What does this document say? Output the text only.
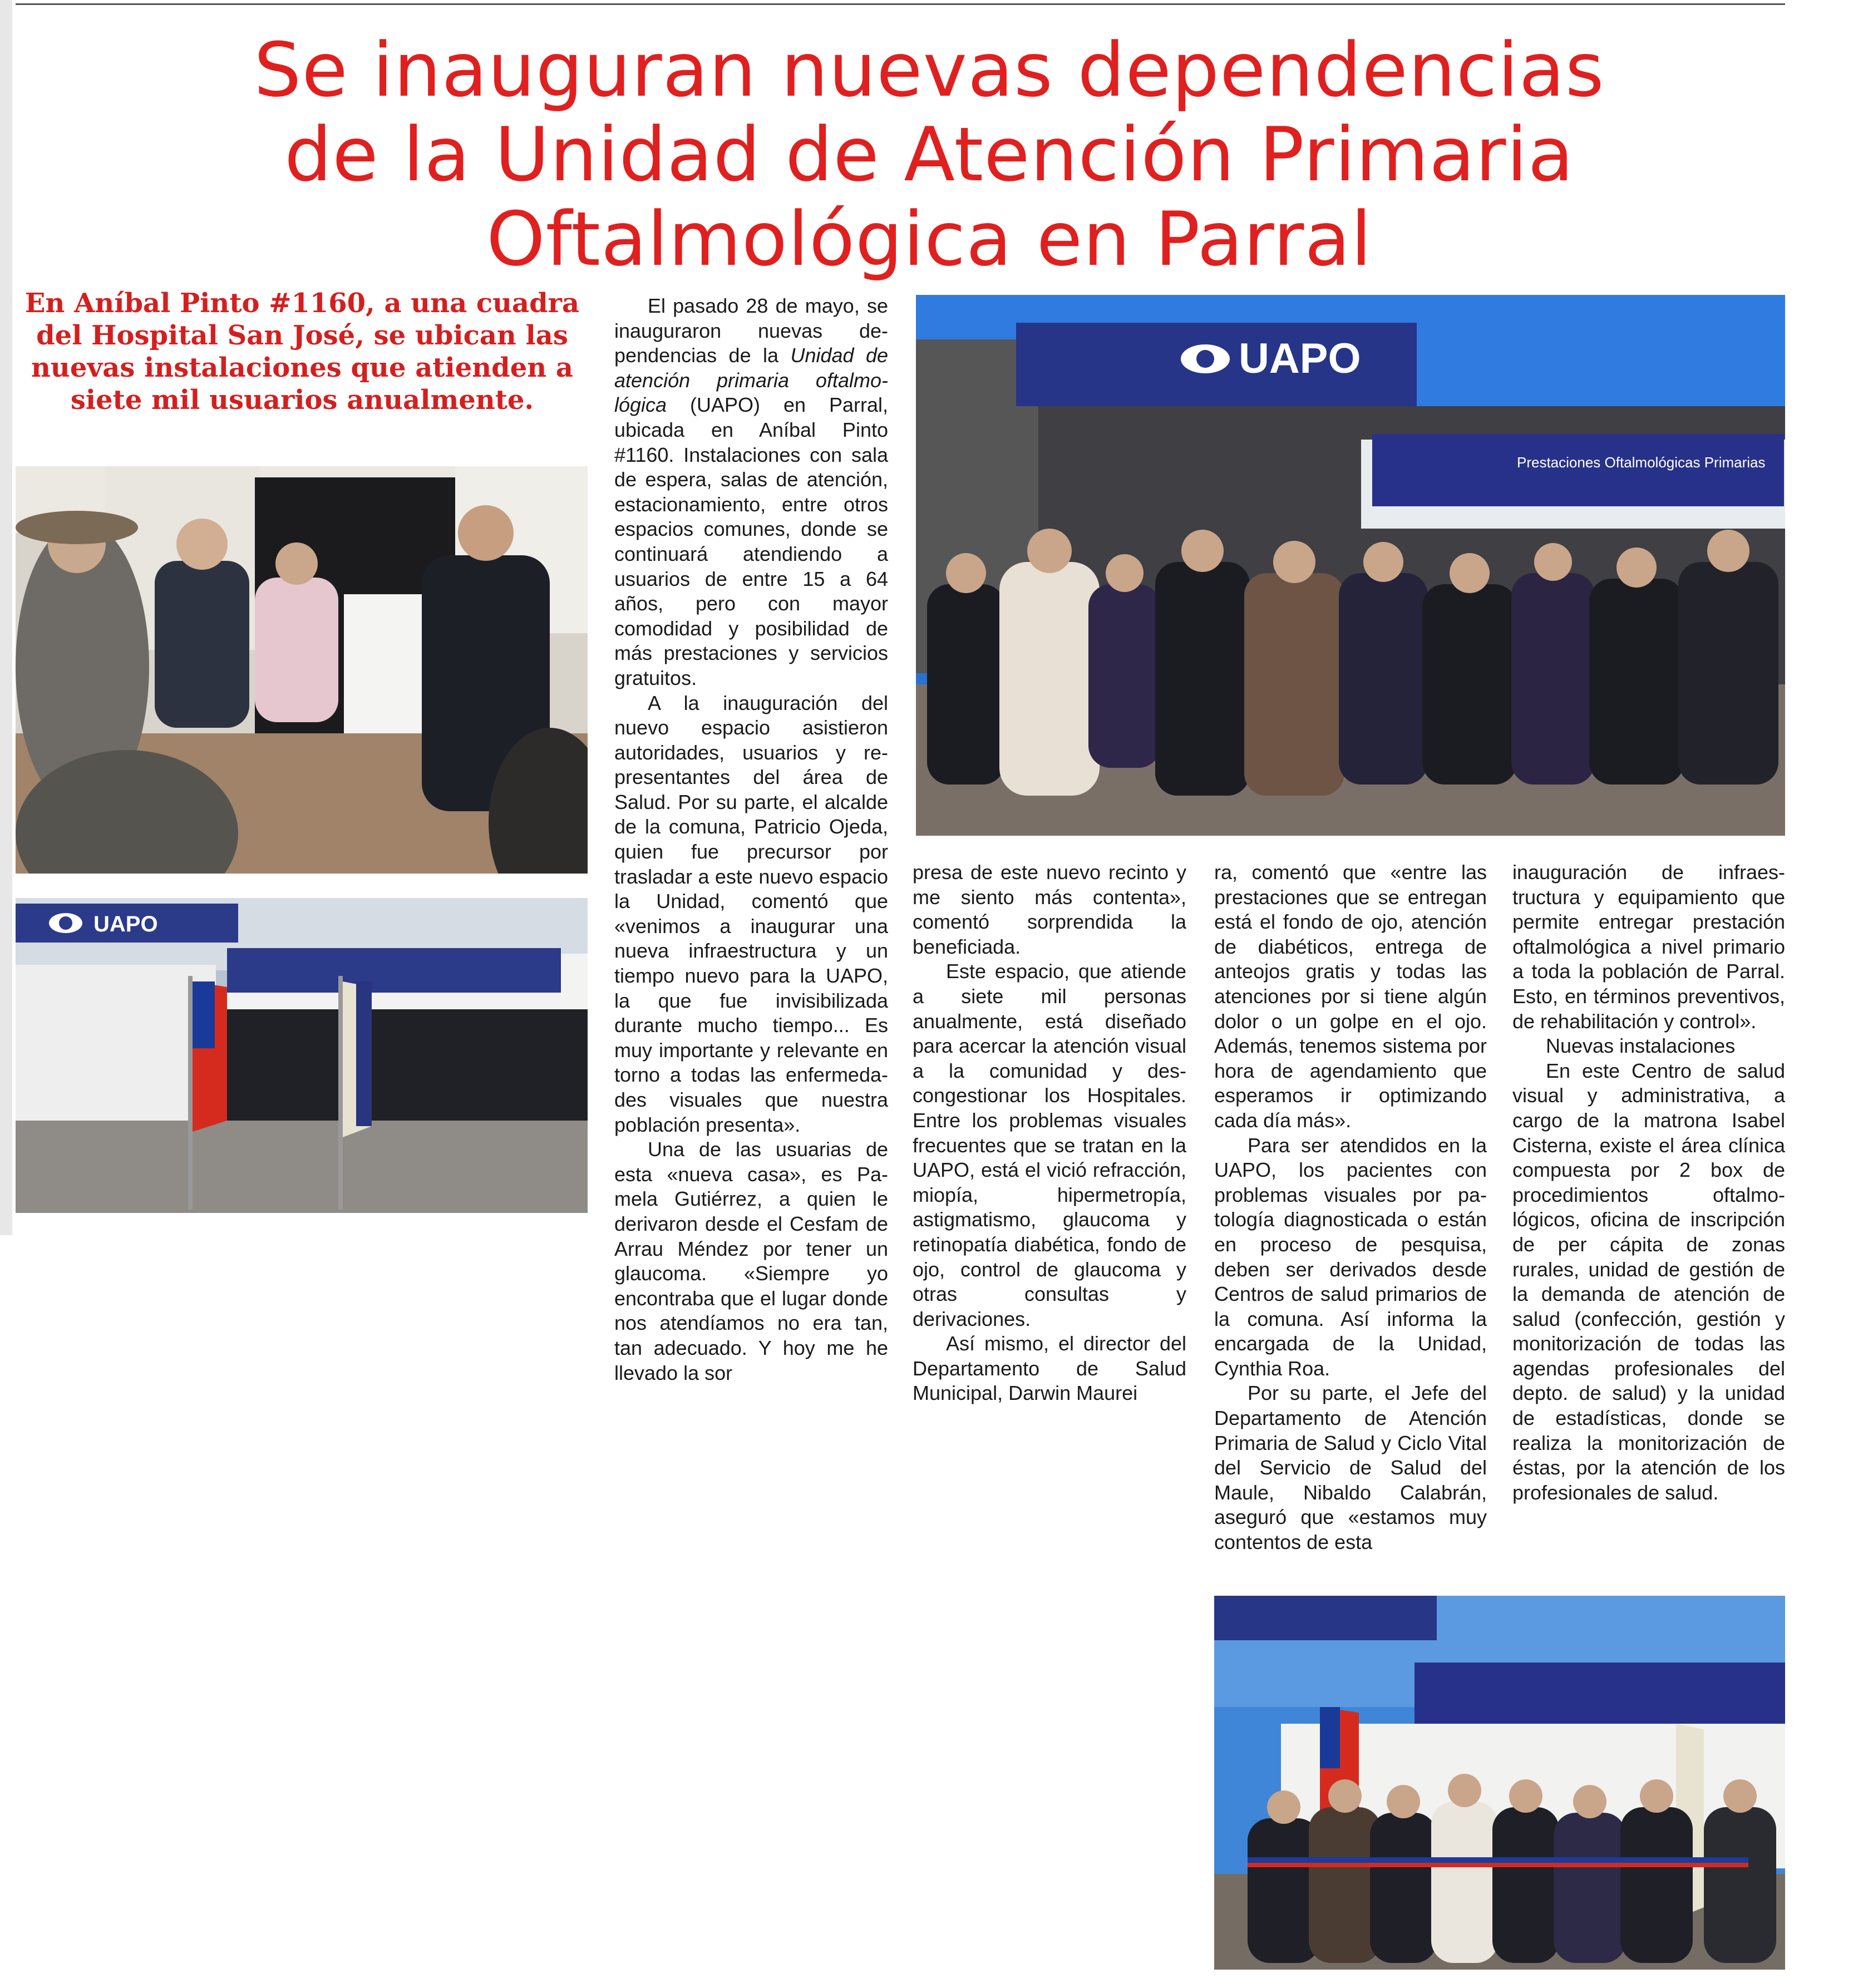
Se inauguran nuevas dependencias
de la Unidad de Atención Primaria
Oftalmológica en Parral
En Aníbal Pinto #1160, a una cuadra del Hospital San José, se ubican las nuevas instalaciones que atienden a siete mil usuarios anualmente.
UAPO
UAPO
Prestaciones Oftalmológicas Primarias

El pasado 28 de mayo, se inauguraron nuevas dependencias de la Unidad de atención primaria oftalmológica (UAPO) en Parral, ubicada en Aníbal Pinto #1160. Instalaciones con sala de espera, salas de atención, estacionamiento, entre otros espacios comunes, donde se continuará atendiendo a usuarios de entre 15 a 64 años, pero con mayor comodidad y posibilidad de más prestaciones y servicios gratuitos.

A la inauguración del nuevo espacio asistieron autoridades, usuarios y representantes del área de Salud. Por su parte, el alcalde de la comuna, Patricio Ojeda, quien fue precursor por trasladar a este nuevo espacio la Unidad, comentó que «venimos a inaugurar una nueva infraestructura y un tiempo nuevo para la UAPO, la que fue invisibilizada durante mucho tiempo... Es muy importante y relevante en torno a todas las enfermedades visuales que nuestra población presenta».

Una de las usuarias de esta «nueva casa», es Pamela Gutiérrez, a quien le derivaron desde el Cesfam de Arrau Méndez por tener un glaucoma. «Siempre yo encontraba que el lugar donde nos atendíamos no era tan, tan adecuado. Y hoy me he llevado la sor

presa de este nuevo recinto y me siento más contenta», comentó sorprendida la beneficiada.

Este espacio, que atiende a siete mil personas anualmente, está diseñado para acercar la atención visual a la comunidad y descongestionar los Hospitales. Entre los problemas visuales frecuentes que se tratan en la UAPO, está el vició refracción, miopía, hipermetropía, astigmatismo, glaucoma y retinopatía diabética, fondo de ojo, control de glaucoma y otras consultas y derivaciones.

Así mismo, el director del Departamento de Salud Municipal, Darwin Maurei

ra, comentó que «entre las prestaciones que se entregan está el fondo de ojo, atención de diabéticos, entrega de anteojos gratis y todas las atenciones por si tiene algún dolor o un golpe en el ojo. Además, tenemos sistema por hora de agendamiento que esperamos ir optimizando cada día más».

Para ser atendidos en la UAPO, los pacientes con problemas visuales por patología diagnosticada o están en proceso de pesquisa, deben ser derivados desde Centros de salud primarios de la comuna. Así informa la encargada de la Unidad, Cynthia Roa.

Por su parte, el Jefe del Departamento de Atención Primaria de Salud y Ciclo Vital del Servicio de Salud del Maule, Nibaldo Calabrán, aseguró que «estamos muy contentos de esta

inauguración de infraestructura y equipamiento que permite entregar prestación oftalmológica a nivel primario a toda la población de Parral. Esto, en términos preventivos, de rehabilitación y control».

Nuevas instalaciones

En este Centro de salud visual y administrativa, a cargo de la matrona Isabel Cisterna, existe el área clínica compuesta por 2 box de procedimientos oftalmológicos, oficina de inscripción de per cápita de zonas rurales, unidad de gestión de la demanda de atención de salud (confección, gestión y monitorización de todas las agendas profesionales del depto. de salud) y la unidad de estadísticas, donde se realiza la monitorización de éstas, por la atención de los profesionales de salud.
